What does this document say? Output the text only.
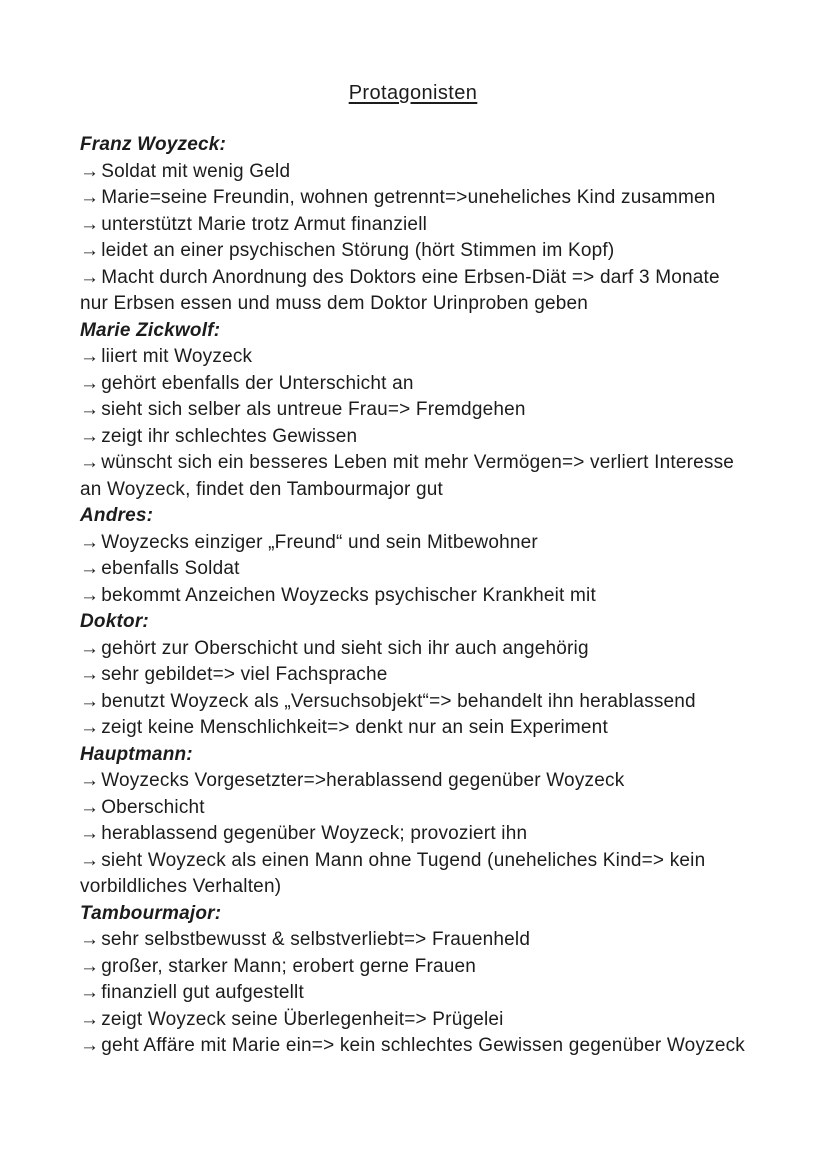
Protagonisten
Franz Woyzeck:
→ Soldat mit wenig Geld
→ Marie=seine Freundin, wohnen getrennt=>uneheliches Kind zusammen
→ unterstützt Marie trotz Armut finanziell
→ leidet an einer psychischen Störung (hört Stimmen im Kopf)
→ Macht durch Anordnung des Doktors eine Erbsen-Diät => darf 3 Monate nur Erbsen essen und muss dem Doktor Urinproben geben
Marie Zickwolf:
→ liiert mit Woyzeck
→ gehört ebenfalls der Unterschicht an
→ sieht sich selber als untreue Frau=> Fremdgehen
→ zeigt ihr schlechtes Gewissen
→ wünscht sich ein besseres Leben mit mehr Vermögen=> verliert Interesse an Woyzeck, findet den Tambourmajor gut
Andres:
→ Woyzecks einziger „Freund“ und sein Mitbewohner
→ ebenfalls Soldat
→ bekommt Anzeichen Woyzecks psychischer Krankheit mit
Doktor:
→ gehört zur Oberschicht und sieht sich ihr auch angehörig
→ sehr gebildet=> viel Fachsprache
→ benutzt Woyzeck als „Versuchsobjekt“=> behandelt ihn herablassend
→ zeigt keine Menschlichkeit=> denkt nur an sein Experiment
Hauptmann:
→ Woyzecks Vorgesetzter=>herablassend gegenüber Woyzeck
→ Oberschicht
→ herablassend gegenüber Woyzeck; provoziert ihn
→ sieht Woyzeck als einen Mann ohne Tugend (uneheliches Kind=> kein vorbildliches Verhalten)
Tambourmajor:
→ sehr selbstbewusst & selbstverliebt=> Frauenheld
→ großer, starker Mann; erobert gerne Frauen
→ finanziell gut aufgestellt
→ zeigt Woyzeck seine Überlegenheit=> Prügelei
→ geht Affäre mit Marie ein=> kein schlechtes Gewissen gegenüber Woyzeck
